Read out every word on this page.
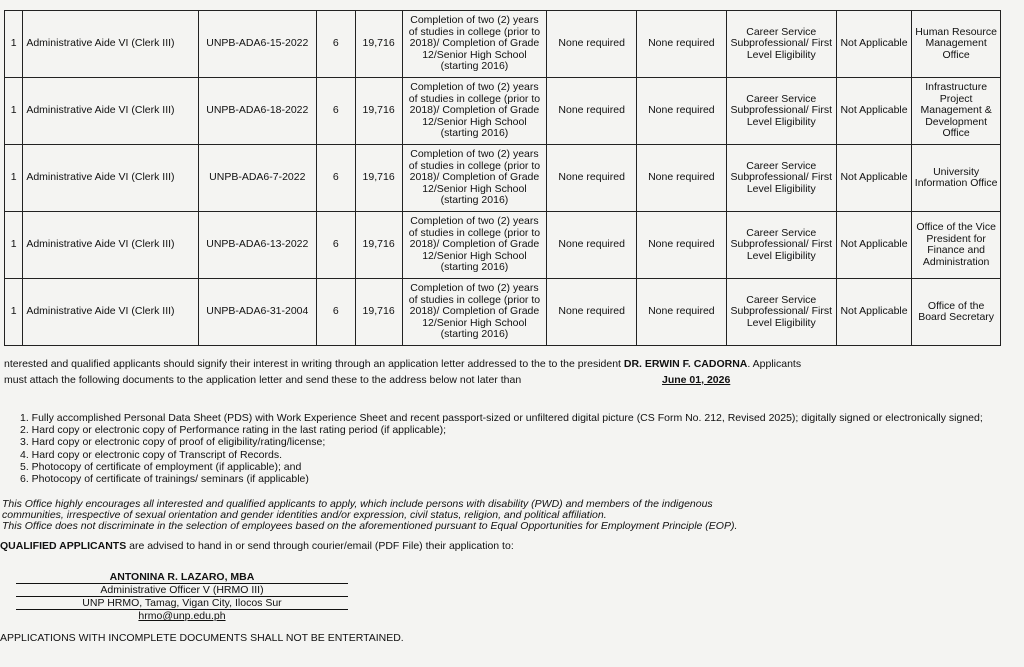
1	Administrative Aide VI (Clerk III)	UNPB-ADA6-15-2022	6	19,716	Completion of two (2) years of studies in college (prior to 2018)/ Completion of Grade 12/Senior High School (starting 2016)	None required	None required	Career Service Subprofessional/ First Level Eligibility	Not Applicable	Human Resource Management Office
1	Administrative Aide VI (Clerk III)	UNPB-ADA6-18-2022	6	19,716	Completion of two (2) years of studies in college (prior to 2018)/ Completion of Grade 12/Senior High School (starting 2016)	None required	None required	Career Service Subprofessional/ First Level Eligibility	Not Applicable	Infrastructure Project Management & Development Office
1	Administrative Aide VI (Clerk III)	UNPB-ADA6-7-2022	6	19,716	Completion of two (2) years of studies in college (prior to 2018)/ Completion of Grade 12/Senior High School (starting 2016)	None required	None required	Career Service Subprofessional/ First Level Eligibility	Not Applicable	University Information Office
1	Administrative Aide VI (Clerk III)	UNPB-ADA6-13-2022	6	19,716	Completion of two (2) years of studies in college (prior to 2018)/ Completion of Grade 12/Senior High School (starting 2016)	None required	None required	Career Service Subprofessional/ First Level Eligibility	Not Applicable	Office of the Vice President for Finance and Administration
1	Administrative Aide VI (Clerk III)	UNPB-ADA6-31-2004	6	19,716	Completion of two (2) years of studies in college (prior to 2018)/ Completion of Grade 12/Senior High School (starting 2016)	None required	None required	Career Service Subprofessional/ First Level Eligibility	Not Applicable	Office of the Board Secretary
nterested and qualified applicants should signify their interest in writing through an application letter addressed to the to the president DR. ERWIN F. CADORNA. Applicants
must attach the following documents to the application letter and send these to the address below not later than	June 01, 2026
1. Fully accomplished Personal Data Sheet (PDS) with Work Experience Sheet and recent passport-sized or unfiltered digital picture (CS Form No. 212, Revised 2025); digitally signed or electronically signed;
2. Hard copy or electronic copy of Performance rating in the last rating period (if applicable);
3. Hard copy or electronic copy of proof of eligibility/rating/license;
4. Hard copy or electronic copy of Transcript of Records.
5. Photocopy of certificate of employment (if applicable); and
6. Photocopy of certificate of trainings/ seminars (if applicable)
This Office highly encourages all interested and qualified applicants to apply, which include persons with disability (PWD) and members of the indigenous
communities, irrespective of sexual orientation and gender identities and/or expression, civil status, religion, and political affiliation.
This Office does not discriminate in the selection of employees based on the aforementioned pursuant to Equal Opportunities for Employment Principle (EOP).
QUALIFIED APPLICANTS are advised to hand in or send through courier/email (PDF File) their application to:
ANTONINA R. LAZARO, MBA
Administrative Officer V (HRMO III)
UNP HRMO, Tamag, Vigan City, Ilocos Sur
hrmo@unp.edu.ph
APPLICATIONS WITH INCOMPLETE DOCUMENTS SHALL NOT BE ENTERTAINED.
